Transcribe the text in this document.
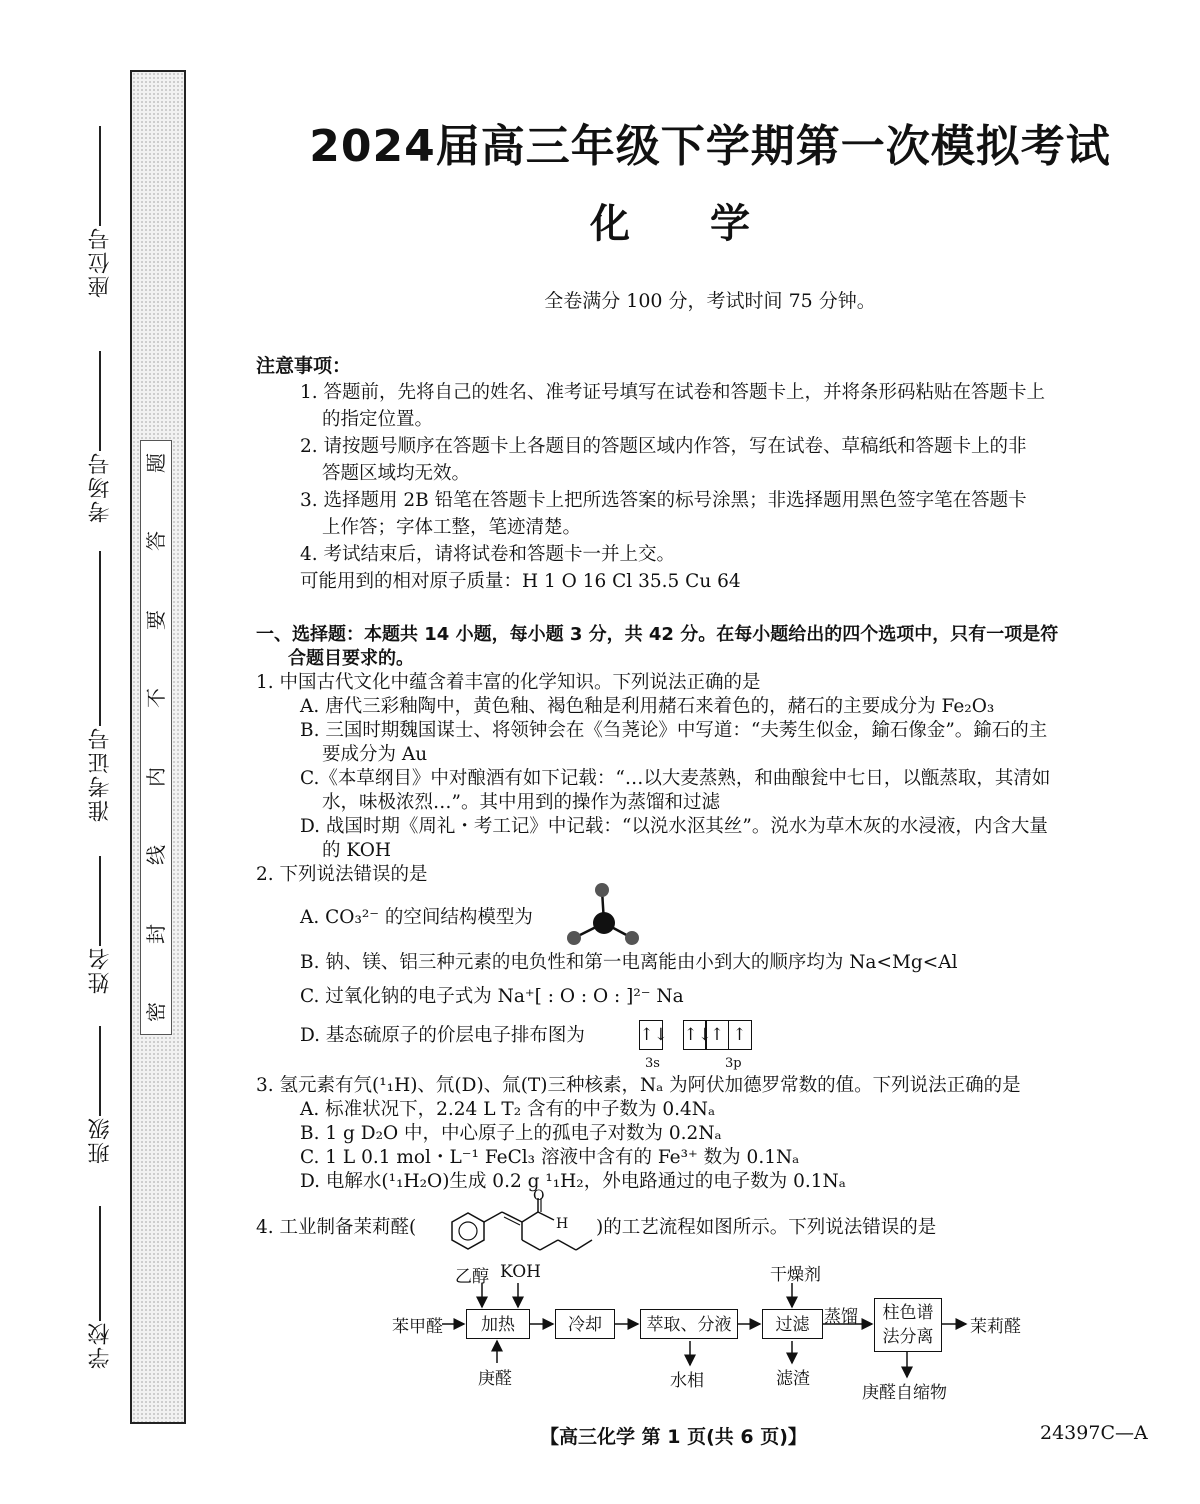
题
答
要
不
内
线
封
密
座位号
考场号
准考证号
姓名
班级
学校
2024届高三年级下学期第一次模拟考试
化学
全卷满分 100 分，考试时间 75 分钟。
注意事项：
1. 答题前，先将自己的姓名、准考证号填写在试卷和答题卡上，并将条形码粘贴在答题卡上
的指定位置。
2. 请按题号顺序在答题卡上各题目的答题区域内作答，写在试卷、草稿纸和答题卡上的非
答题区域均无效。
3. 选择题用 2B 铅笔在答题卡上把所选答案的标号涂黑；非选择题用黑色签字笔在答题卡
上作答；字体工整，笔迹清楚。
4. 考试结束后，请将试卷和答题卡一并上交。
可能用到的相对原子质量：H 1 O 16 Cl 35.5 Cu 64
一、选择题：本题共 14 小题，每小题 3 分，共 42 分。在每小题给出的四个选项中，只有一项是符
合题目要求的。
1. 中国古代文化中蕴含着丰富的化学知识。下列说法正确的是
A. 唐代三彩釉陶中，黄色釉、褐色釉是利用赭石来着色的，赭石的主要成分为 Fe₂O₃
B. 三国时期魏国谋士、将领钟会在《刍荛论》中写道：“夫莠生似金，鍮石像金”。鍮石的主
要成分为 Au
C.《本草纲目》中对酿酒有如下记载：“…以大麦蒸熟，和曲酿瓮中七日，以甑蒸取，其清如
水，味极浓烈…”。其中用到的操作为蒸馏和过滤
D. 战国时期《周礼・考工记》中记载：“以涚水沤其丝”。涚水为草木灰的水浸液，内含大量
的 KOH
2. 下列说法错误的是
A. CO₃²⁻ 的空间结构模型为
B. 钠、镁、铝三种元素的电负性和第一电离能由小到大的顺序均为 Na<Mg<Al
C. 过氧化钠的电子式为 Na⁺[ : O : O : ]²⁻ Na
D. 基态硫原子的价层电子排布图为	↑↓ ↑↓↑ ↑
3s	3p
3. 氢元素有氕(¹₁H)、氘(D)、氚(T)三种核素，Nₐ 为阿伏加德罗常数的值。下列说法正确的是
A. 标准状况下，2.24 L T₂ 含有的中子数为 0.4Nₐ
B. 1 g D₂O 中，中心原子上的孤电子对数为 0.2Nₐ
C. 1 L 0.1 mol・L⁻¹ FeCl₃ 溶液中含有的 Fe³⁺ 数为 0.1Nₐ
D. 电解水(¹₁H₂O)生成 0.2 g ¹₁H₂，外电路通过的电子数为 0.1Nₐ
4. 工业制备茉莉醛(
O
H )的工艺流程如图所示。下列说法错误的是
苯甲醛	加热	冷却	萃取、分液	过滤
柱色谱
法分离	茉莉醛
乙醇 KOH
庚醛
干燥剂
蒸馏
水相	滤渣
庚醛自缩物
【高三化学 第 1 页(共 6 页)】	24397C—A
